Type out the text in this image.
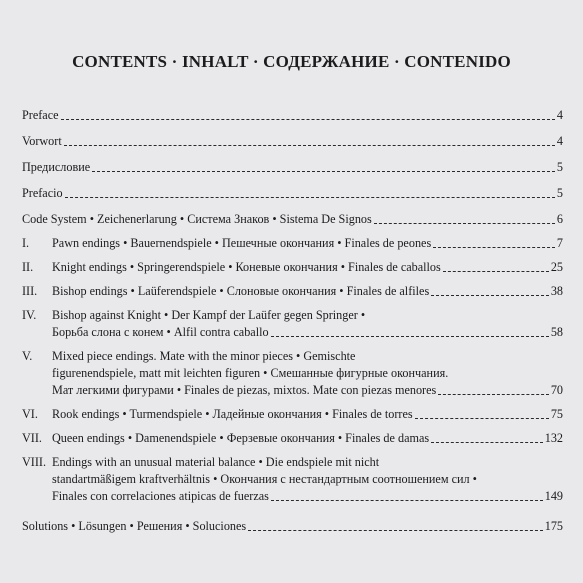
CONTENTS · INHALT · СОДЕРЖАНИЕ · CONTENIDO
Preface	4
Vorwort	4
Предисловие	5
Prefacio	5
Code System • Zeichenerlarung • Система Знаков • Sistema De Signos	6
I.	Pawn endings • Bauernendspiele • Пешечные окончания • Finales de peones	7
II.	Knight endings • Springerendspiele • Коневые окончания • Finales de caballos	25
III.	Bishop endings • Laüferendspiele • Слоновые окончания • Finales de alfiles	38
IV.	Bishop against Knight • Der Kampf der Laüfer gegen Springer •
Борьба слона с конем • Alfil contra caballo	58
V.	Mixed piece endings. Mate with the minor pieces • Gemischte
figurenendspiele, matt mit leichten figuren • Смешанные фигурные окончания.
Мат легкими фигурами • Finales de piezas, mixtos. Mate con piezas menores	70
VI.	Rook endings • Turmendspiele • Ладейные окончания • Finales de torres	75
VII. Queen endings • Damenendspiele • Ферзевые окончания • Finales de damas	132
VIII. Endings with an unusual material balance • Die endspiele mit nicht
standartmäßigem kraftverhältnis • Окончания с нестандартным соотношением сил •
Finales con correlaciones atipicas de fuerzas	149
Solutions • Lösungen • Решения • Soluciones	175
